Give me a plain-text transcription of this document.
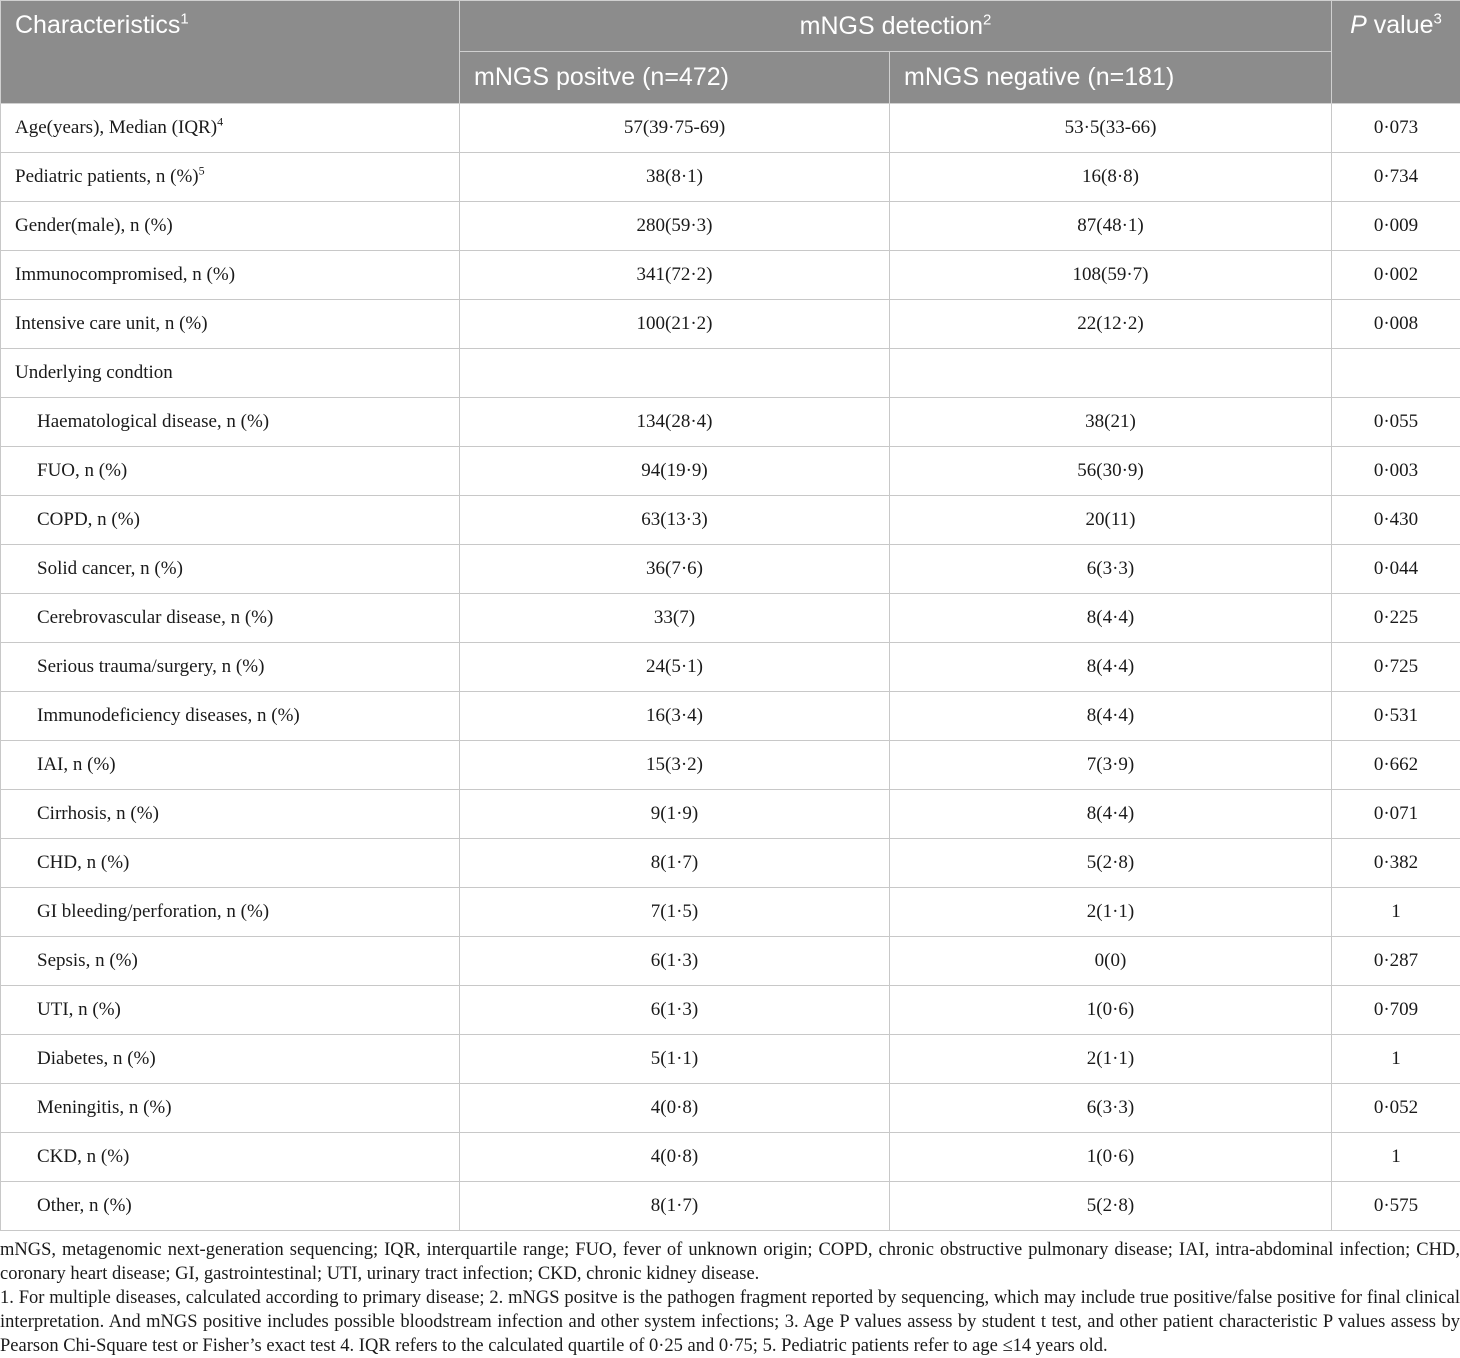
Characteristics$^1$	mNGS detection$^2$		P value$^3$
	mNGS positve (n=472)	mNGS negative (n=181)	
Age(years), Median (IQR)$^4$	57(39·75-69)	53·5(33-66)	0·073
Pediatric patients, n (%)$^5$	38(8·1)	16(8·8)	0·734
Gender(male), n (%)	280(59·3)	87(48·1)	0·009
Immunocompromised, n (%)	341(72·2)	108(59·7)	0·002
Intensive care unit, n (%)	100(21·2)	22(12·2)	0·008
Underlying condtion			
Haematological disease, n (%)	134(28·4)	38(21)	0·055
FUO, n (%)	94(19·9)	56(30·9)	0·003
COPD, n (%)	63(13·3)	20(11)	0·430
Solid cancer, n (%)	36(7·6)	6(3·3)	0·044
Cerebrovascular disease, n (%)	33(7)	8(4·4)	0·225
Serious trauma/surgery, n (%)	24(5·1)	8(4·4)	0·725
Immunodeficiency diseases, n (%)	16(3·4)	8(4·4)	0·531
IAI, n (%)	15(3·2)	7(3·9)	0·662
Cirrhosis, n (%)	9(1·9)	8(4·4)	0·071
CHD, n (%)	8(1·7)	5(2·8)	0·382
GI bleeding/perforation, n (%)	7(1·5)	2(1·1)	1
Sepsis, n (%)	6(1·3)	0(0)	0·287
UTI, n (%)	6(1·3)	1(0·6)	0·709
Diabetes, n (%)	5(1·1)	2(1·1)	1
Meningitis, n (%)	4(0·8)	6(3·3)	0·052
CKD, n (%)	4(0·8)	1(0·6)	1
Other, n (%)	8(1·7)	5(2·8)	0·575

mNGS, metagenomic next-generation sequencing; IQR, interquartile range; FUO, fever of unknown origin; COPD, chronic obstructive pulmonary disease; IAI, intra-abdominal infection; CHD, coronary heart disease; GI, gastrointestinal; UTI, urinary tract infection; CKD, chronic kidney disease.

1. For multiple diseases, calculated according to primary disease; 2. mNGS positve is the pathogen fragment reported by sequencing, which may include true positive/false positive for final clinical interpretation. And mNGS positive includes possible bloodstream infection and other system infections; 3. Age P values assess by student t test, and other patient characteristic P values assess by Pearson Chi-Square test or Fisher’s exact test 4. IQR refers to the calculated quartile of 0·25 and 0·75; 5. Pediatric patients refer to age ≤14 years old.
